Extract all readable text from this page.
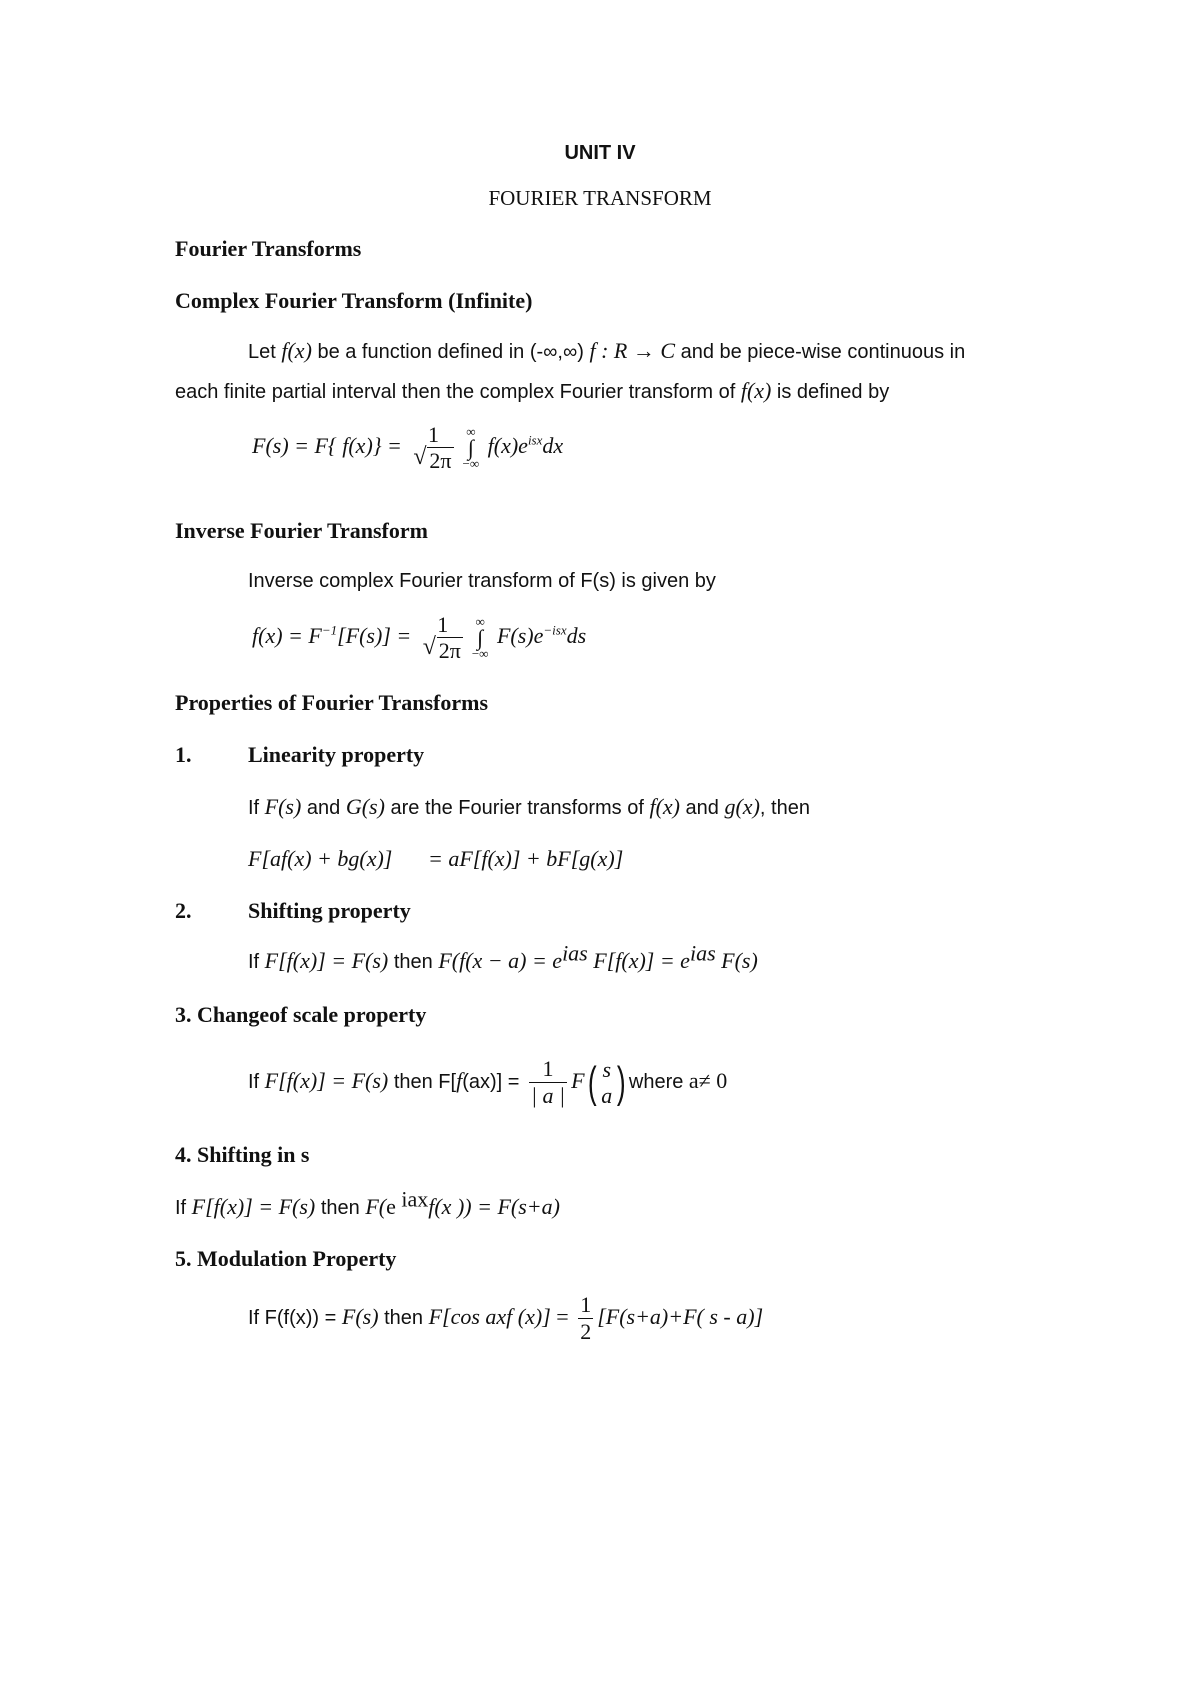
UNIT IV
FOURIER TRANSFORM
Fourier Transforms
Complex Fourier Transform (Infinite)
Let f(x) be a function defined in (-∞,∞) f : R → C and be piece-wise continuous in
each finite partial interval then the complex Fourier transform of f(x) is defined by
F(s) = F{ f(x)} = 1
√ 2π
∞
∫
−∞
$f(x)e^{isx}dx$
Inverse Fourier Transform
Inverse complex Fourier transform of F(s) is given by
$f(x) = F^{-1}[F(s)] = 1$
√ 2π
∞
∫
−∞
$F(s)e^{-isx}ds$
Properties of Fourier Transforms
1.	Linearity property
If F(s) and G(s) are the Fourier transforms of f(x) and g(x), then
F[af(x) + bg(x)] = aF[f(x)] + bF[g(x)]
2.	Shifting property
If F[f(x)] = F(s) then $F(f(x - a) = e^{ias}$ $F[f(x)] = e^{ias}$ F(s)
3. Changeof scale property
If F[f(x)] = F(s) then $F[f(ax)] = \frac{1}{| a |} F$( s
a ) where a≠ 0
4. Shifting in s
If F[f(x)] = F(s) then F(e $^{iax}$f(x )) = F(s+a)
5. Modulation Property
If F(f(x)) = F(s) then F[cos axf $(x)] = \frac{1}{2} [F(s+a)+F$( s - a)]
